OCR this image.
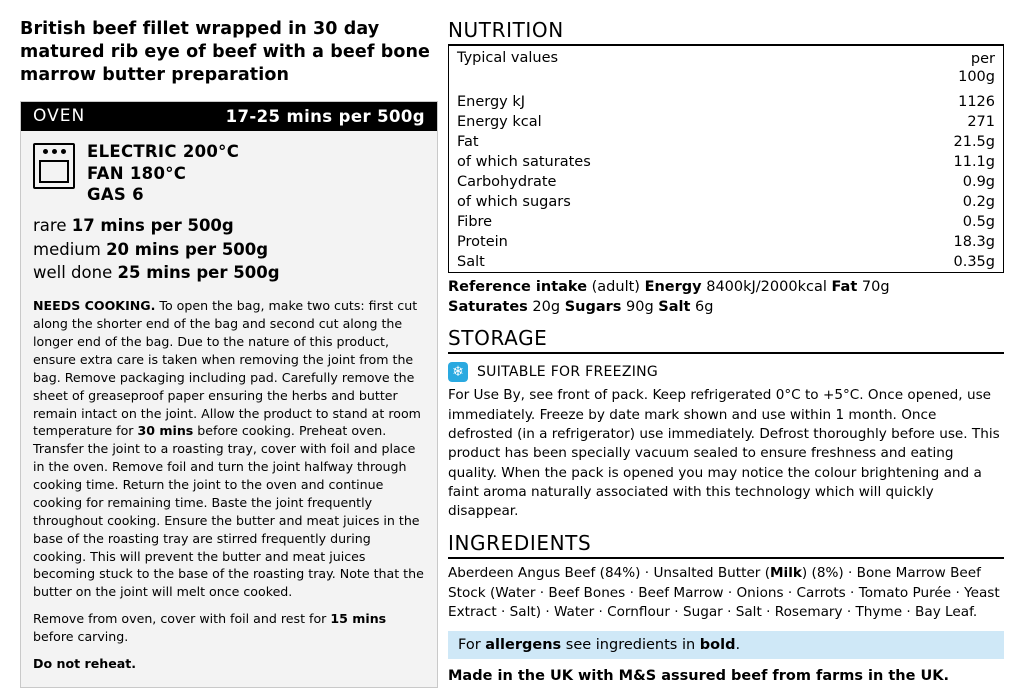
British beef fillet wrapped in 30 day matured rib eye of beef with a beef bone marrow butter preparation
OVEN	17-25 mins per 500g
ELECTRIC 200°C
FAN 180°C
GAS 6
rare 17 mins per 500g
medium 20 mins per 500g
well done 25 mins per 500g

NEEDS COOKING. To open the bag, make two cuts: first cut along the shorter end of the bag and second cut along the longer end of the bag. Due to the nature of this product, ensure extra care is taken when removing the joint from the bag. Remove packaging including pad. Carefully remove the sheet of greaseproof paper ensuring the herbs and butter remain intact on the joint. Allow the product to stand at room temperature for 30 mins before cooking. Preheat oven. Transfer the joint to a roasting tray, cover with foil and place in the oven. Remove foil and turn the joint halfway through cooking time. Return the joint to the oven and continue cooking for remaining time. Baste the joint frequently throughout cooking. Ensure the butter and meat juices in the base of the roasting tray are stirred frequently during cooking. This will prevent the butter and meat juices becoming stuck to the base of the roasting tray. Note that the butter on the joint will melt once cooked.

Remove from oven, cover with foil and rest for 15 mins before carving.

Do not reheat.

NUTRITION
Typical values	per
100g

Energy kJ	1126
Energy kcal	271
Fat	21.5g
of which saturates	11.1g
Carbohydrate	0.9g
of which sugars	0.2g
Fibre	0.5g
Protein	18.3g
Salt	0.35g
Reference intake (adult) Energy 8400kJ/2000kcal Fat 70g
Saturates 20g Sugars 90g Salt 6g
STORAGE
❄ SUITABLE FOR FREEZING
For Use By, see front of pack. Keep refrigerated 0°C to +5°C. Once opened, use immediately. Freeze by date mark shown and use within 1 month. Once defrosted (in a refrigerator) use immediately. Defrost thoroughly before use. This product has been specially vacuum sealed to ensure freshness and eating quality. When the pack is opened you may notice the colour brightening and a faint aroma naturally associated with this technology which will quickly disappear.
INGREDIENTS
Aberdeen Angus Beef (84%) · Unsalted Butter (Milk) (8%) · Bone Marrow Beef Stock (Water · Beef Bones · Beef Marrow · Onions · Carrots · Tomato Purée · Yeast Extract · Salt) · Water · Cornflour · Sugar · Salt · Rosemary · Thyme · Bay Leaf.
For allergens see ingredients in bold.
Made in the UK with M&S assured beef from farms in the UK.
